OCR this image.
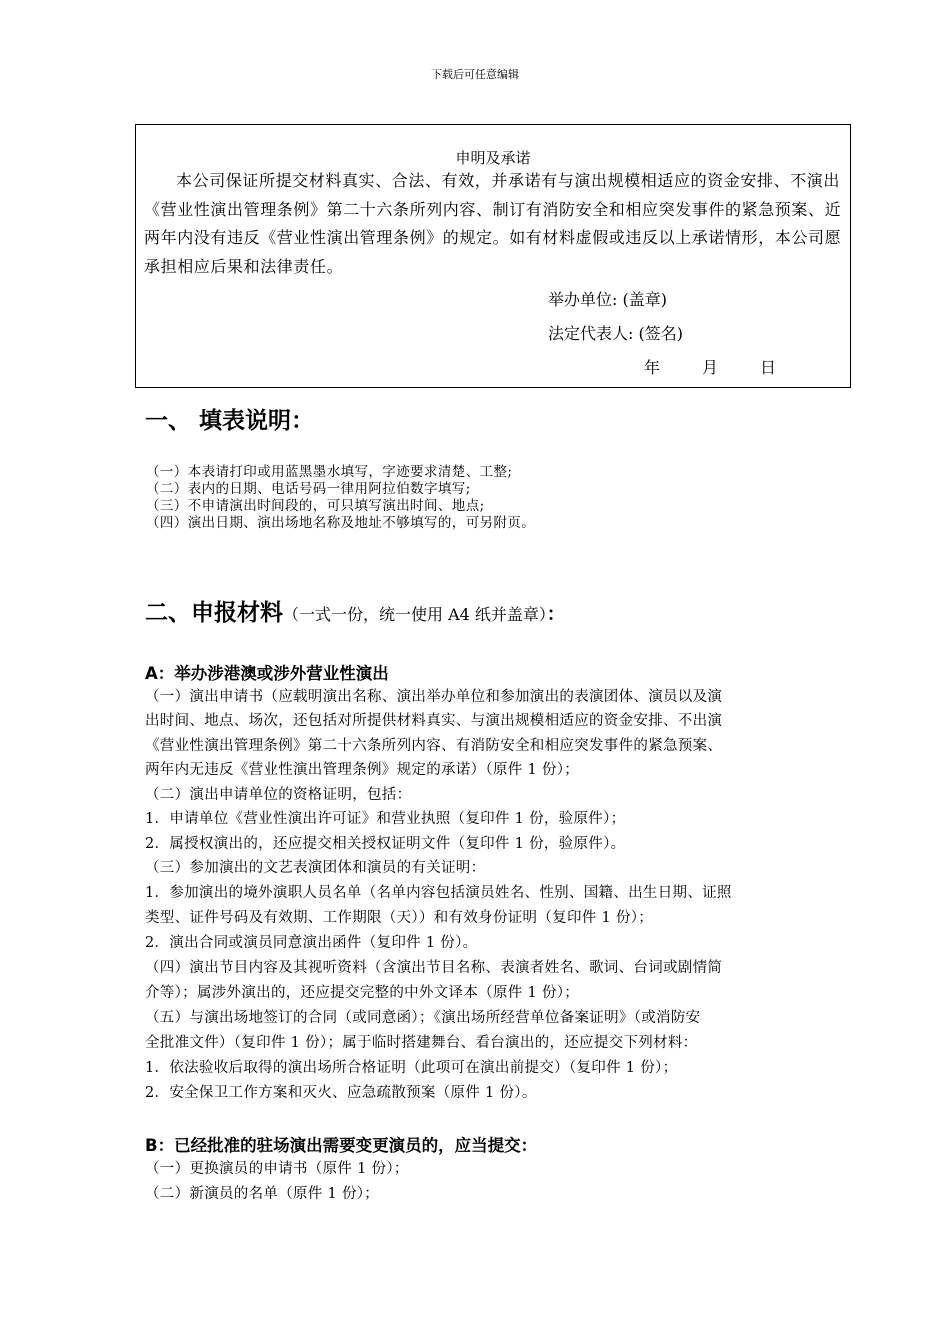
下载后可任意编辑
申明及承诺
本公司保证所提交材料真实、合法、有效，并承诺有与演出规模相适应的资金安排、不演出《营业性演出管理条例》第二十六条所列内容、制订有消防安全和相应突发事件的紧急预案、近两年内没有违反《营业性演出管理条例》的规定。如有材料虚假或违反以上承诺情形，本公司愿承担相应后果和法律责任。
举办单位: (盖章)
法定代表人: (签名)
年	月	日
一、 填表说明：
（一）本表请打印或用蓝黑墨水填写，字迹要求清楚、工整;
（二）表内的日期、电话号码一律用阿拉伯数字填写;
（三）不申请演出时间段的，可只填写演出时间、地点;
（四）演出日期、演出场地名称及地址不够填写的，可另附页。
二、申报材料（一式一份，统一使用 A4 纸并盖章）：
A：举办涉港澳或涉外营业性演出
（一）演出申请书（应载明演出名称、演出举办单位和参加演出的表演团体、演员以及演
出时间、地点、场次，还包括对所提供材料真实、与演出规模相适应的资金安排、不出演
《营业性演出管理条例》第二十六条所列内容、有消防安全和相应突发事件的紧急预案、
两年内无违反《营业性演出管理条例》规定的承诺）（原件 1 份）；
（二）演出申请单位的资格证明，包括：
1．申请单位《营业性演出许可证》和营业执照（复印件 1 份，验原件）；
2．属授权演出的，还应提交相关授权证明文件（复印件 1 份，验原件）。
（三）参加演出的文艺表演团体和演员的有关证明：
1．参加演出的境外演职人员名单（名单内容包括演员姓名、性别、国籍、出生日期、证照
类型、证件号码及有效期、工作期限（天））和有效身份证明（复印件 1 份）；
2．演出合同或演员同意演出函件（复印件 1 份）。
（四）演出节目内容及其视听资料（含演出节目名称、表演者姓名、歌词、台词或剧情简
介等）；属涉外演出的，还应提交完整的中外文译本（原件 1 份）；
（五）与演出场地签订的合同（或同意函）；《演出场所经营单位备案证明》（或消防安
全批准文件）（复印件 1 份）；属于临时搭建舞台、看台演出的，还应提交下列材料：
1．依法验收后取得的演出场所合格证明（此项可在演出前提交）（复印件 1 份）；
2．安全保卫工作方案和灭火、应急疏散预案（原件 1 份）。
B：已经批准的驻场演出需要变更演员的，应当提交：
（一）更换演员的申请书（原件 1 份）；
（二）新演员的名单（原件 1 份）；
